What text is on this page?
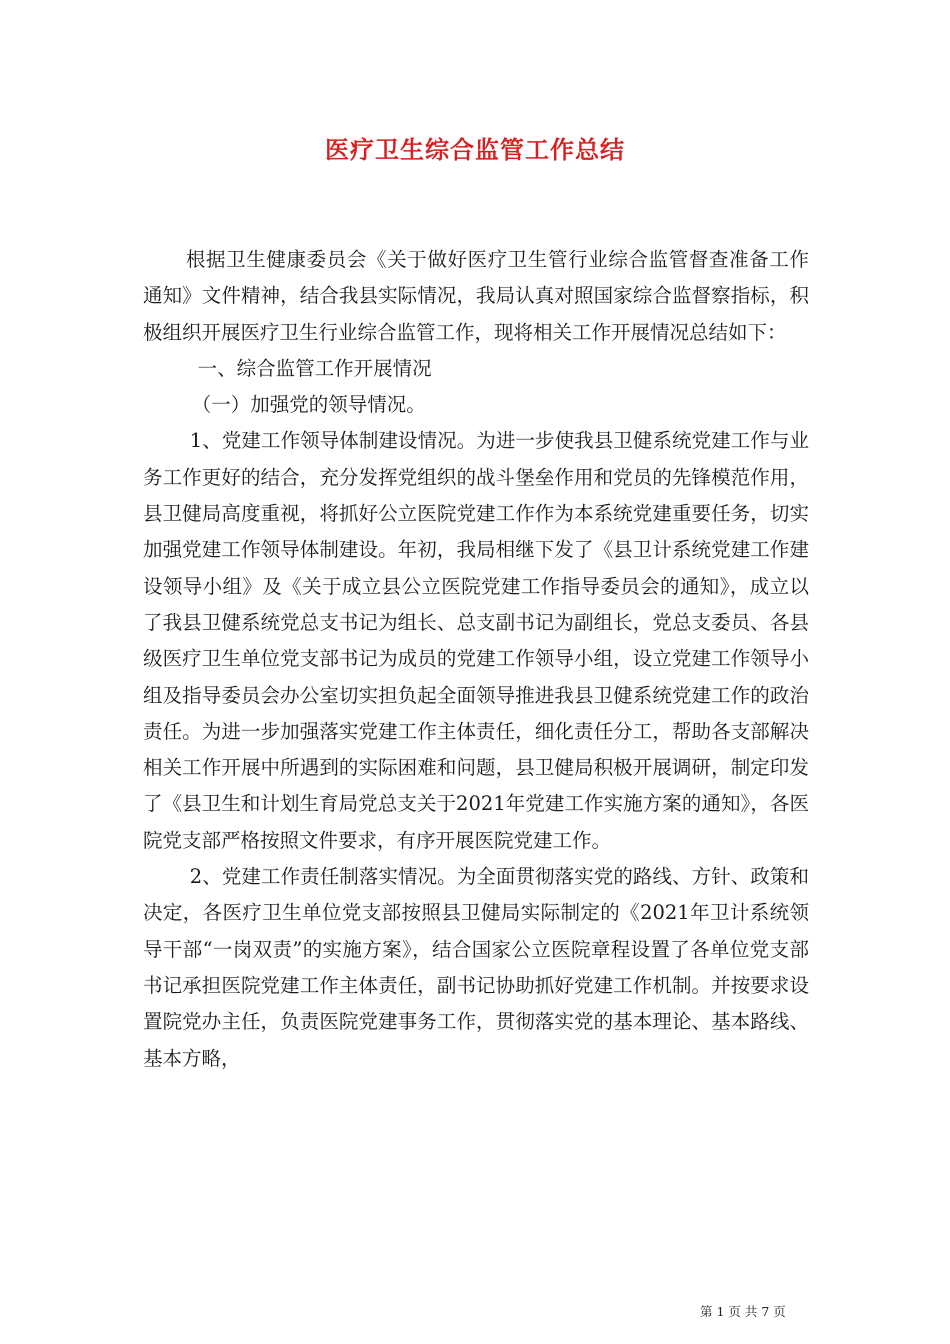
医疗卫生综合监管工作总结

根据卫生健康委员会《关于做好医疗卫生管行业综合监管督查准备工作通知》文件精神，结合我县实际情况，我局认真对照国家综合监督察指标，积极组织开展医疗卫生行业综合监管工作，现将相关工作开展情况总结如下：

一、综合监管工作开展情况

（一）加强党的领导情况。

1、党建工作领导体制建设情况。为进一步使我县卫健系统党建工作与业务工作更好的结合，充分发挥党组织的战斗堡垒作用和党员的先锋模范作用，县卫健局高度重视，将抓好公立医院党建工作作为本系统党建重要任务，切实加强党建工作领导体制建设。年初，我局相继下发了《县卫计系统党建工作建设领导小组》及《关于成立县公立医院党建工作指导委员会的通知》，成立以了我县卫健系统党总支书记为组长、总支副书记为副组长，党总支委员、各县级医疗卫生单位党支部书记为成员的党建工作领导小组，设立党建工作领导小组及指导委员会办公室切实担负起全面领导推进我县卫健系统党建工作的政治责任。为进一步加强落实党建工作主体责任，细化责任分工，帮助各支部解决相关工作开展中所遇到的实际困难和问题，县卫健局积极开展调研，制定印发了《县卫生和计划生育局党总支关于2021年党建工作实施方案的通知》，各医院党支部严格按照文件要求，有序开展医院党建工作。

2、党建工作责任制落实情况。为全面贯彻落实党的路线、方针、政策和决定，各医疗卫生单位党支部按照县卫健局实际制定的《2021年卫计系统领导干部“一岗双责”的实施方案》，结合国家公立医院章程设置了各单位党支部书记承担医院党建工作主体责任，副书记协助抓好党建工作机制。并按要求设置院党办主任，负责医院党建事务工作，贯彻落实党的基本理论、基本路线、基本方略，

第 1 页 共 7 页
